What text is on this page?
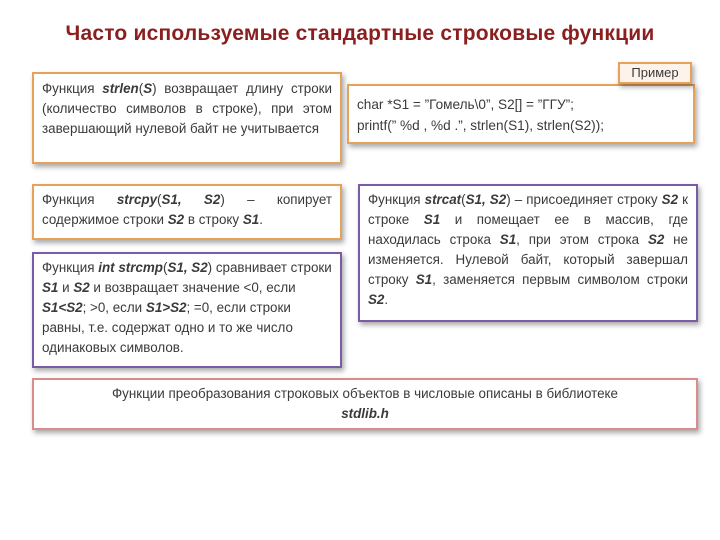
Часто используемые стандартные строковые функции

Функция strlen(S) возвращает длину строки (количество символов в строке), при этом завершающий нулевой байт не учитывается

char *S1 = ”Гомель\0”, S2[] = ”ГГУ”;
printf(” %d , %d .”, strlen(S1), strlen(S2));
Пример

Функция strcpy(S1, S2) – копирует содержимое строки S2 в строку S1.

Функция strcat(S1, S2) – присоединяет строку S2 к строке S1 и помещает ее в массив, где находилась строка S1, при этом строка S2 не изменяется. Нулевой байт, который завершал строку S1, заменяется первым символом строки S2.

Функция int strcmp(S1, S2) сравнивает строки S1 и S2 и возвращает значение <0, если S1<S2; >0, если S1>S2; =0, если строки равны, т.е. содержат одно и то же число одинаковых символов.

Функции преобразования строковых объектов в числовые описаны в библиотеке
stdlib.h
